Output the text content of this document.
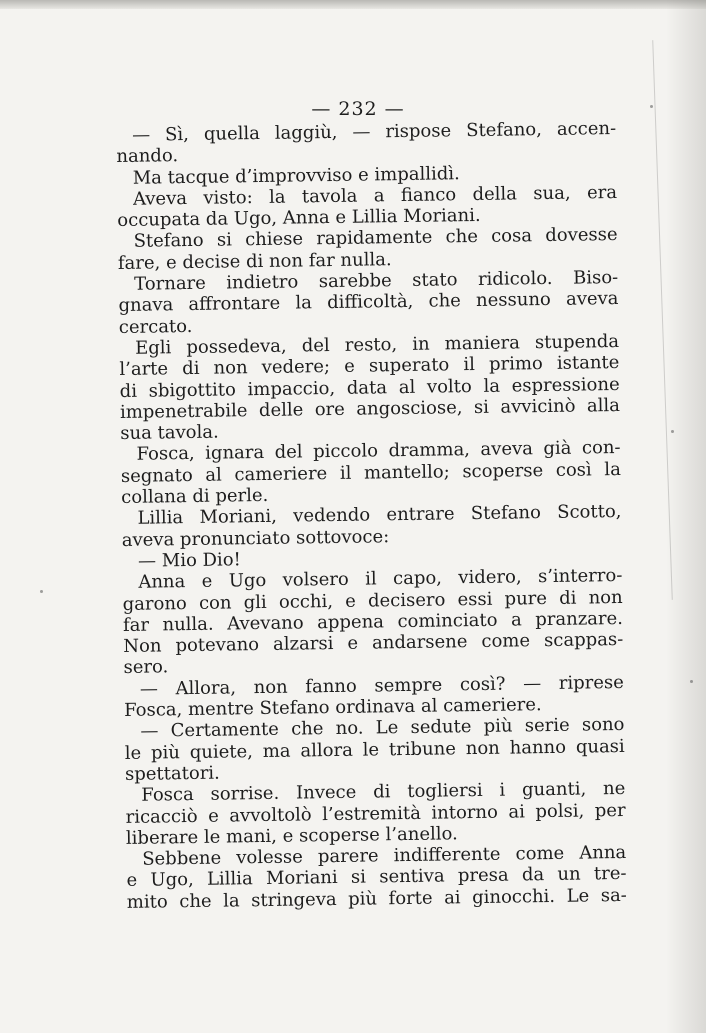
— 232 —
— Sì, quella laggiù, — rispose Stefano, accen-
nando.
Ma tacque d’improvviso e impallidì.
Aveva visto: la tavola a fianco della sua, era
occupata da Ugo, Anna e Lillia Moriani.
Stefano si chiese rapidamente che cosa dovesse
fare, e decise di non far nulla.
Tornare indietro sarebbe stato ridicolo. Biso-
gnava affrontare la difficoltà, che nessuno aveva
cercato.
Egli possedeva, del resto, in maniera stupenda
l’arte di non vedere; e superato il primo istante
di sbigottito impaccio, data al volto la espressione
impenetrabile delle ore angosciose, si avvicinò alla
sua tavola.
Fosca, ignara del piccolo dramma, aveva già con-
segnato al cameriere il mantello; scoperse così la
collana di perle.
Lillia Moriani, vedendo entrare Stefano Scotto,
aveva pronunciato sottovoce:
— Mio Dio!
Anna e Ugo volsero il capo, videro, s’interro-
garono con gli occhi, e decisero essi pure di non
far nulla. Avevano appena cominciato a pranzare.
Non potevano alzarsi e andarsene come scappas-
sero.
— Allora, non fanno sempre così? — riprese
Fosca, mentre Stefano ordinava al cameriere.
— Certamente che no. Le sedute più serie sono
le più quiete, ma allora le tribune non hanno quasi
spettatori.
Fosca sorrise. Invece di togliersi i guanti, ne
ricacciò e avvoltolò l’estremità intorno ai polsi, per
liberare le mani, e scoperse l’anello.
Sebbene volesse parere indifferente come Anna
e Ugo, Lillia Moriani si sentiva presa da un tre-
mito che la stringeva più forte ai ginocchi. Le sa-
